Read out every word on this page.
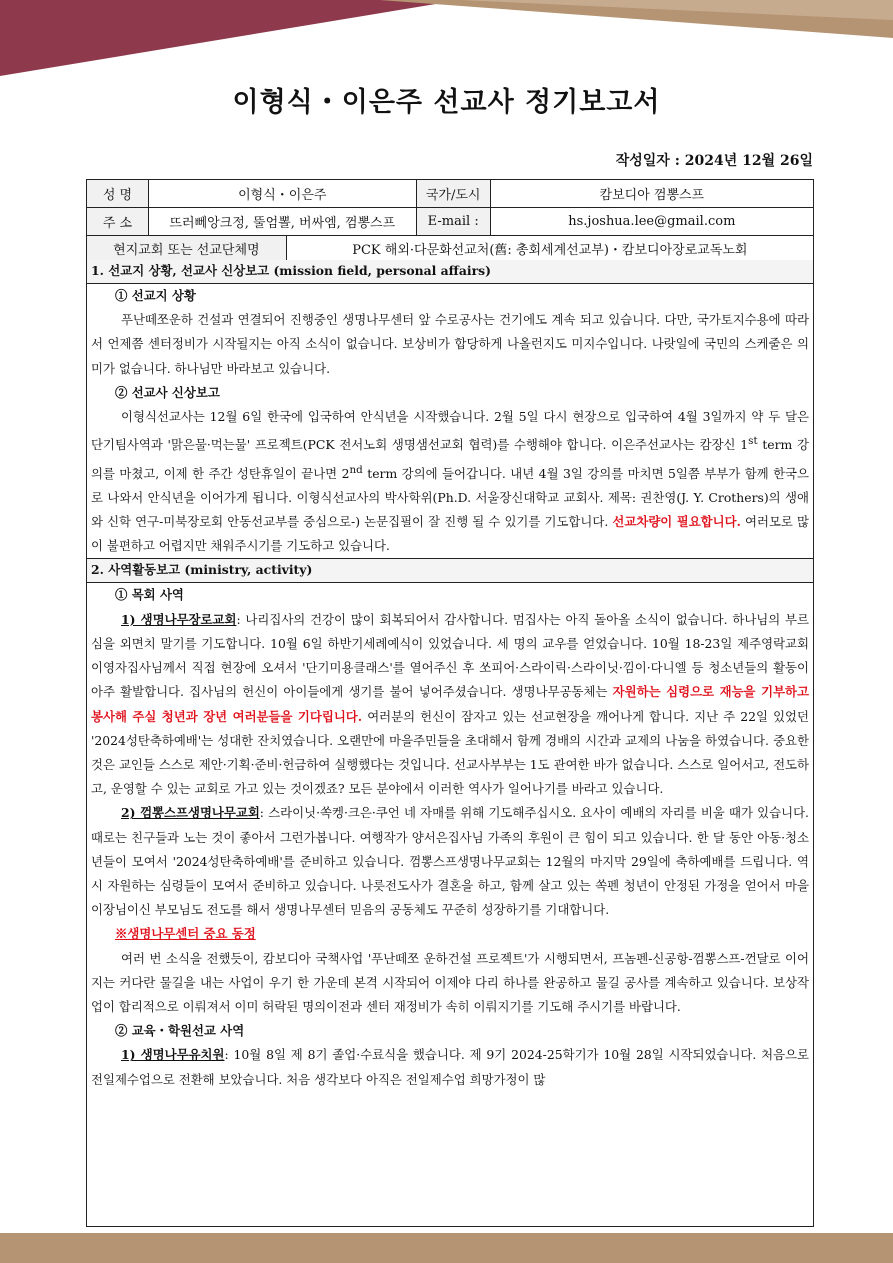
이형식・이은주 선교사 정기보고서
작성일자 : 2024년 12월 26일
성 명	이형식・이은주	국가/도시	캄보디아 껌뽕스프
주 소	뜨러뻬앙크정, 뚤엄뽈, 버싸엠, 껌뽕스프	E-mail :	hs.joshua.lee@gmail.com
현지교회 또는 선교단체명	PCK 해외·다문화선교처(舊: 총회세계선교부)・캄보디아장로교독노회
1. 선교지 상황, 선교사 신상보고 (mission field, personal affairs)
① 선교지 상황
푸난떼쪼운하 건설과 연결되어 진행중인 생명나무센터 앞 수로공사는 건기에도 계속 되고 있습니다. 다만, 국가토지수용에 따라서 언제쯤 센터정비가 시작될지는 아직 소식이 없습니다. 보상비가 합당하게 나올런지도 미지수입니다. 나랏일에 국민의 스케줄은 의미가 없습니다. 하나님만 바라보고 있습니다.
② 선교사 신상보고
이형식선교사는 12월 6일 한국에 입국하여 안식년을 시작했습니다. 2월 5일 다시 현장으로 입국하여 4월 3일까지 약 두 달은 단기팀사역과 '맑은물·먹는물' 프로젝트(PCK 전서노회 생명샘선교회 협력)를 수행해야 합니다. 이은주선교사는 캄장신 1st term 강의를 마쳤고, 이제 한 주간 성탄휴일이 끝나면 2nd term 강의에 들어갑니다. 내년 4월 3일 강의를 마치면 5일쯤 부부가 함께 한국으로 나와서 안식년을 이어가게 됩니다. 이형식선교사의 박사학위(Ph.D. 서울장신대학교 교회사. 제목: 권찬영(J. Y. Crothers)의 생애와 신학 연구-미북장로회 안동선교부를 중심으로-) 논문집필이 잘 진행 될 수 있기를 기도합니다. 선교차량이 필요합니다. 여러모로 많이 불편하고 어렵지만 채워주시기를 기도하고 있습니다.
2. 사역활동보고 (ministry, activity)
① 목회 사역
1) 생명나무장로교회: 나리집사의 건강이 많이 회복되어서 감사합니다. 멈집사는 아직 돌아올 소식이 없습니다. 하나님의 부르심을 외면치 말기를 기도합니다. 10월 6일 하반기세례예식이 있었습니다. 세 명의 교우를 얻었습니다. 10월 18-23일 제주영락교회 이영자집사님께서 직접 현장에 오셔서 '단기미용클래스'를 열어주신 후 쏘피어·스라이릭·스라이닛·낌이·다니엘 등 청소년들의 활동이 아주 활발합니다. 집사님의 헌신이 아이들에게 생기를 불어 넣어주셨습니다. 생명나무공동체는 자원하는 심령으로 재능을 기부하고 봉사해 주실 청년과 장년 여러분들을 기다립니다. 여러분의 헌신이 잠자고 있는 선교현장을 깨어나게 합니다. 지난 주 22일 있었던 '2024성탄축하예배'는 성대한 잔치였습니다. 오랜만에 마을주민들을 초대해서 함께 경배의 시간과 교제의 나눔을 하였습니다. 중요한 것은 교인들 스스로 제안·기획·준비·헌금하여 실행했다는 것입니다. 선교사부부는 1도 관여한 바가 없습니다. 스스로 일어서고, 전도하고, 운영할 수 있는 교회로 가고 있는 것이겠죠? 모든 분야에서 이러한 역사가 일어나기를 바라고 있습니다.
2) 껌뽕스프생명나무교회: 스라이닛·쏙켕·크은·쿠언 네 자매를 위해 기도해주십시오. 요사이 예배의 자리를 비울 때가 있습니다. 때로는 친구들과 노는 것이 좋아서 그런가봅니다. 여행작가 양서은집사님 가족의 후원이 큰 힘이 되고 있습니다. 한 달 동안 아동·청소년들이 모여서 '2024성탄축하예배'를 준비하고 있습니다. 껌뽕스프생명나무교회는 12월의 마지막 29일에 축하예배를 드립니다. 역시 자원하는 심령들이 모여서 준비하고 있습니다. 나릇전도사가 결혼을 하고, 함께 살고 있는 쏙펜 청년이 안정된 가정을 얻어서 마을이장님이신 부모님도 전도를 해서 생명나무센터 믿음의 공동체도 꾸준히 성장하기를 기대합니다.
※생명나무센터 중요 동정
여러 번 소식을 전했듯이, 캄보디아 국책사업 '푸난떼쪼 운하건설 프로젝트'가 시행되면서, 프놈펜-신공항-껌뽕스프-껀달로 이어지는 커다란 물길을 내는 사업이 우기 한 가운데 본격 시작되어 이제야 다리 하나를 완공하고 물길 공사를 계속하고 있습니다. 보상작업이 합리적으로 이뤄져서 이미 허락된 명의이전과 센터 재정비가 속히 이뤄지기를 기도해 주시기를 바랍니다.
② 교육・학원선교 사역
1) 생명나무유치원: 10월 8일 제 8기 졸업·수료식을 했습니다. 제 9기 2024-25학기가 10월 28일 시작되었습니다. 처음으로 전일제수업으로 전환해 보았습니다. 처음 생각보다 아직은 전일제수업 희망가정이 많
